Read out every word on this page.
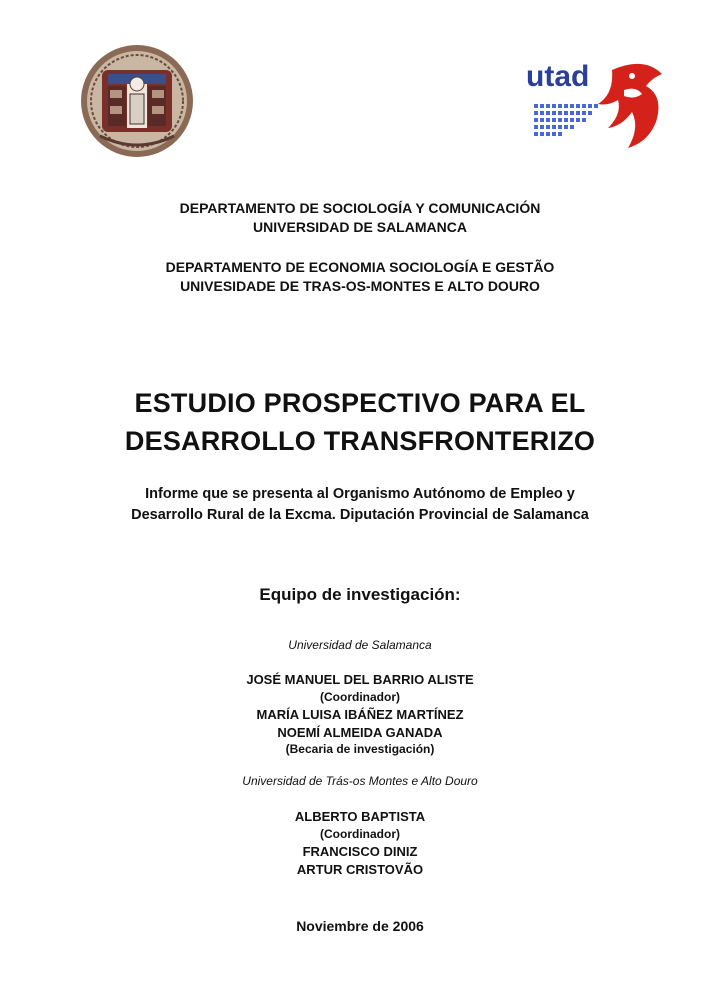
utad
DEPARTAMENTO DE SOCIOLOGÍA Y COMUNICACIÓN
UNIVERSIDAD DE SALAMANCA
DEPARTAMENTO DE ECONOMIA SOCIOLOGÍA E GESTÃO
UNIVESIDADE DE TRAS-OS-MONTES E ALTO DOURO
ESTUDIO PROSPECTIVO PARA EL
DESARROLLO TRANSFRONTERIZO
Informe que se presenta al Organismo Autónomo de Empleo y
Desarrollo Rural de la Excma. Diputación Provincial de Salamanca
Equipo de investigación:
Universidad de Salamanca
JOSÉ MANUEL DEL BARRIO ALISTE
(Coordinador)
MARÍA LUISA IBÁÑEZ MARTÍNEZ
NOEMÍ ALMEIDA GANADA
(Becaria de investigación)
Universidad de Trás-os Montes e Alto Douro
ALBERTO BAPTISTA
(Coordinador)
FRANCISCO DINIZ
ARTUR CRISTOVÃO
Noviembre de 2006
